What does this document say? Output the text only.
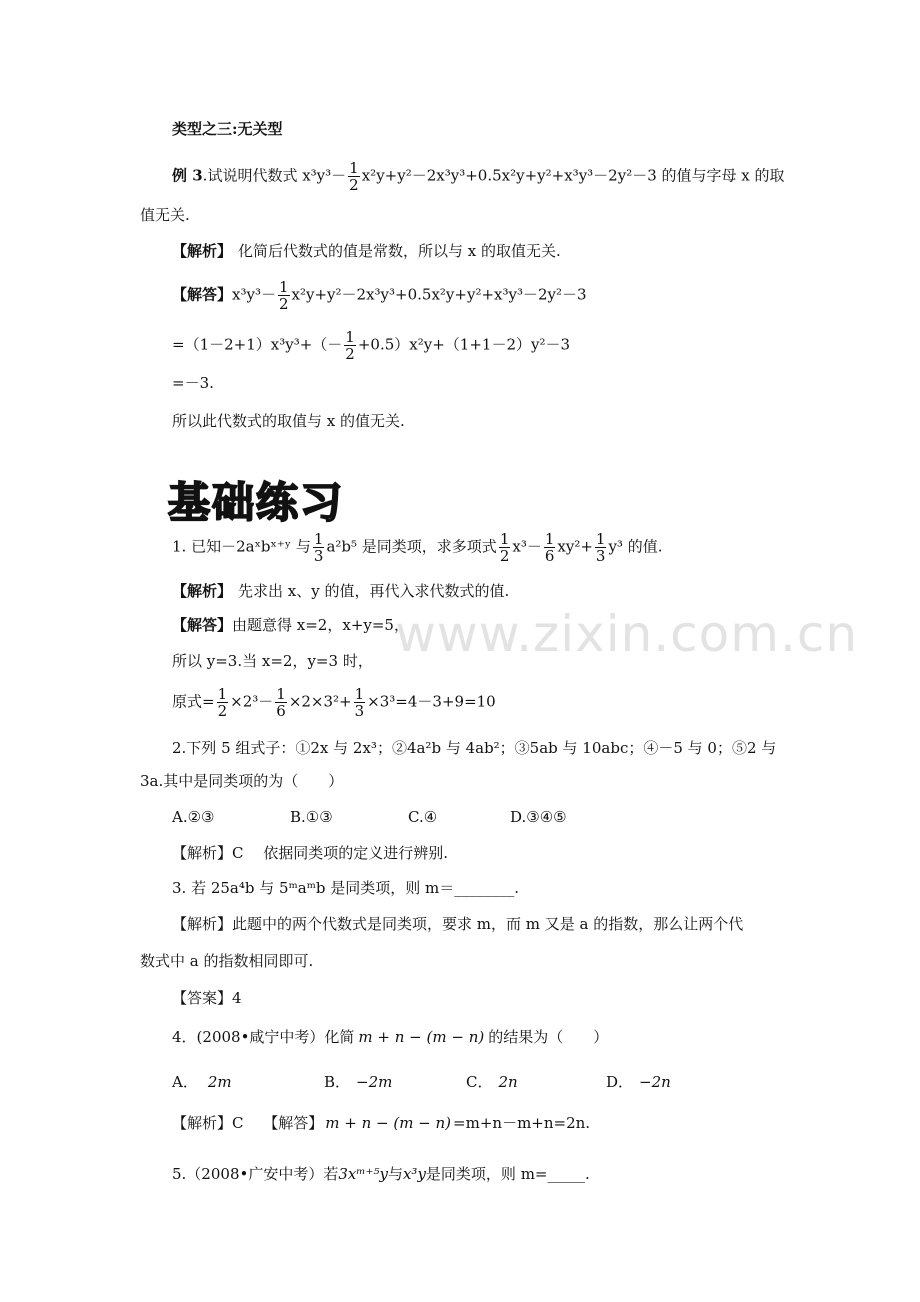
www.zixin.com.cn
类型之三:无关型
例 3.试说明代数式 $x^3y^3- \frac{1}{2} x^2y+y^2-2x^3y^3+0.5x^2y+y^2+x^3y^3-2y^2-3$ 的值与字母 x 的取
值无关.
【解析】 化简后代数式的值是常数，所以与 x 的取值无关.
【解答】$x^3y^3- \frac{1}{2} x^2y+y^2-2x^3y^3+0.5x^2y+y^2+x^3y^3-2y^2-3$
$=(1-2+1)x^3y^3+(- \frac{1}{2} +0.5)x^2y+(1+1-2)y^2-3$
=－3.
所以此代数式的取值与 x 的值无关.
基础练习
1. 已知－2aˣbˣ⁺ʸ 与 $\frac{1}{3} a^2b^5$ 是同类项，求多项式 $\frac{1}{2} x^3- \frac{1}{6} xy^2+ \frac{1}{3} y^3$ 的值.
【解析】 先求出 x、y 的值，再代入求代数式的值.
【解答】由题意得 x=2，x+y=5，
所以 y=3.当 x=2，y=3 时，
原式= $\frac{1}{2} \times 2^3- \frac{1}{6} \times 2\times 3^2+ \frac{1}{3} \times 3^3=4-3+9=10$
2.下列 5 组式子：①2x 与 2x³；②4a²b 与 4ab²；③5ab 与 10abc；④－5 与 0；⑤2 与
3a.其中是同类项的为（　　）
A.②③	B.①③	C.④	D.③④⑤
【解析】C　 依据同类项的定义进行辨别.
3. 若 25a⁴b 与 5ᵐaᵐb 是同类项，则 m＝________.
【解析】此题中的两个代数式是同类项，要求 m，而 m 又是 a 的指数，那么让两个代
数式中 a 的指数相同即可.
【答案】4
4．(2008•咸宁中考）化简 m + n − (m − n) 的结果为（　　）
A． 2m	B． −2m	C． 2n	D． −2n
【解析】C　 【解答】 m + n − (m − n) =m+n－m+n=2n.
5.（2008•广安中考）若3xᵐ⁺⁵y与x³y是同类项，则 m=_____.
